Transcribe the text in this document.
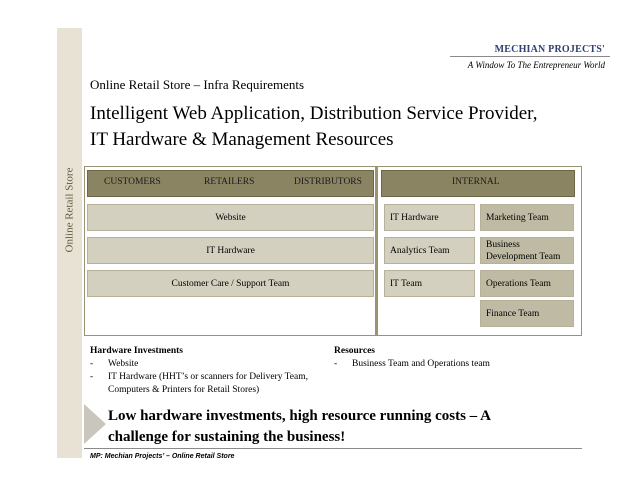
Online Retail Store
MECHIAN PROJECTS'
A Window To The Entrepreneur World
Online Retail Store – Infra Requirements
Intelligent Web Application, Distribution Service Provider, IT Hardware & Management Resources
CUSTOMERS	RETAILERS	DISTRIBUTORS	INTERNAL
Website
IT Hardware
Customer Care / Support Team
IT Hardware
Analytics Team
IT Team
Marketing Team
Business Development Team
Operations Team
Finance Team
Hardware Investments
-	Website
-	IT Hardware (HHT’s or scanners for Delivery Team, Computers & Printers for Retail Stores)
Resources
-	Business Team and Operations team
Low hardware investments, high resource running costs – A challenge for sustaining the business!
MP: Mechian Projects’ – Online Retail Store
